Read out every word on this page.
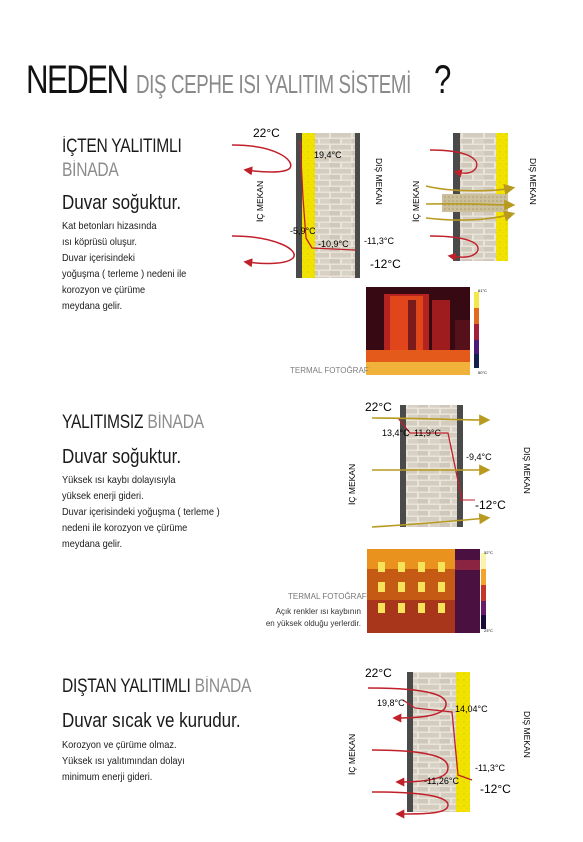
NEDEN DIŞ CEPHE ISI YALITIM SİSTEMİ ?
İÇTEN YALITIMLI
BİNADA
Duvar soğuktur.
Kat betonları hizasında
ısı köprüsü oluşur.
Duvar içerisindeki
yoğuşma ( terleme ) nedeni ile
korozyon ve çürüme
meydana gelir.
22°C
19,4°C
-5,9°C
-10,9°C -11,3°C
-12°C
İÇ MEKAN	DIŞ MEKAN	İÇ MEKAN	DIŞ MEKAN
61°C
50°C
TERMAL FOTOĞRAF
22°C
13,4°C 11,9°C
-9,4°C
-12°C
İÇ MEKAN	DIŞ MEKAN
52°C
23°C
22°C
19,8°C
14,04°C
-11,26°C
-11,3°C
-12°C
İÇ MEKAN	DIŞ MEKAN
YALITIMSIZ BİNADA
Duvar soğuktur.
Yüksek ısı kaybı dolayısıyla
yüksek enerji gideri.
Duvar içerisindeki yoğuşma ( terleme )
nedeni ile korozyon ve çürüme
meydana gelir.
TERMAL FOTOĞRAF
Açık renkler ısı kaybının
en yüksek olduğu yerlerdir.
DIŞTAN YALITIMLI BİNADA
Duvar sıcak ve kurudur.
Korozyon ve çürüme olmaz.
Yüksek ısı yalıtımından dolayı
minimum enerji gideri.
